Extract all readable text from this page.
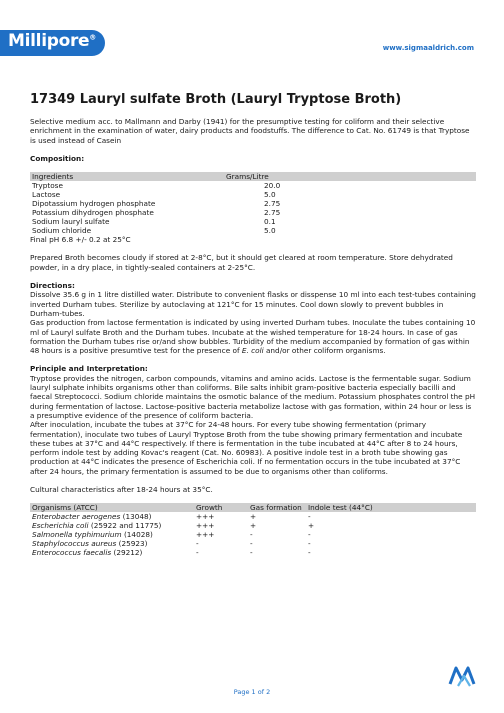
Millipore®
www.sigmaaldrich.com
17349 Lauryl sulfate Broth (Lauryl Tryptose Broth)

Selective medium acc. to Mallmann and Darby (1941) for the presumptive testing for coliform and their selective enrichment in the examination of water, dairy products and foodstuffs. The difference to Cat. No. 61749 is that Tryptose is used instead of Casein

Composition:

Ingredients	Grams/Litre
Tryptose	20.0
Lactose	5.0
Dipotassium hydrogen phosphate	2.75
Potassium dihydrogen phosphate	2.75
Sodium lauryl sulfate	0.1
Sodium chloride	5.0

Final pH 6.8 +/- 0.2 at 25°C

Prepared Broth becomes cloudy if stored at 2-8°C, but it should get cleared at room temperature. Store dehydrated powder, in a dry place, in tightly-sealed containers at 2-25°C.

Directions:

Dissolve 35.6 g in 1 litre distilled water. Distribute to convenient flasks or disspense 10 ml into each test-tubes containing inverted Durham tubes. Sterilize by autoclaving at 121°C for 15 minutes. Cool down slowly to prevent bubbles in Durham-tubes.

Gas production from lactose fermentation is indicated by using inverted Durham tubes. Inoculate the tubes containing 10 ml of Lauryl sulfate Broth and the Durham tubes. Incubate at the wished temperature for 18-24 hours. In case of gas formation the Durham tubes rise or/and show bubbles. Turbidity of the medium accompanied by formation of gas within 48 hours is a positive presumtive test for the presence of E. coli and/or other coliform organisms.

Principle and Interpretation:

Tryptose provides the nitrogen, carbon compounds, vitamins and amino acids. Lactose is the fermentable sugar. Sodium lauryl sulphate inhibits organisms other than coliforms. Bile salts inhibit gram-positive bacteria especially bacilli and faecal Streptococci. Sodium chloride maintains the osmotic balance of the medium. Potassium phosphates control the pH during fermentation of lactose. Lactose-positive bacteria metabolize lactose with gas formation, within 24 hour or less is a presumptive evidence of the presence of coliform bacteria.

After inoculation, incubate the tubes at 37°C for 24-48 hours. For every tube showing fermentation (primary fermentation), inoculate two tubes of Lauryl Tryptose Broth from the tube showing primary fermentation and incubate these tubes at 37°C and 44°C respectively. If there is fermentation in the tube incubated at 44°C after 8 to 24 hours, perform indole test by adding Kovac's reagent (Cat. No. 60983). A positive indole test in a broth tube showing gas production at 44°C indicates the presence of Escherichia coli. If no fermentation occurs in the tube incubated at 37°C after 24 hours, the primary fermentation is assumed to be due to organisms other than coliforms.

Cultural characteristics after 18-24 hours at 35°C.

Organisms (ATCC)	Growth	Gas formation	Indole test (44°C)
Enterobacter aerogenes (13048)	+++	+	-
Escherichia coli (25922 and 11775)	+++	+	+
Salmonella typhimurium (14028)	+++	-	-
Staphylococcus aureus (25923)	-	-	-
Enterococcus faecalis (29212)	-	-	-
Page 1 of 2
